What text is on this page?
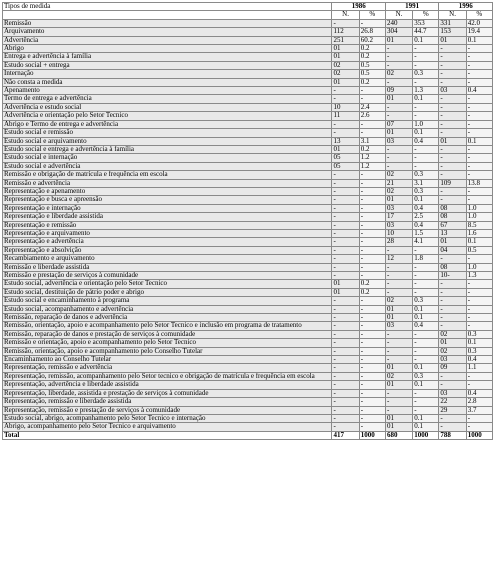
Tipos de medida	1986		1991		1996	
	N.	%	N.	%	N.	%
Remissão	-	-	240	353	331	42.0
Arquivamento	112	26.8	304	44.7	153	19.4
Advertência	251	60.2	01	0.1	01	0.1
Abrigo	01	0.2	-	-	-	-
Entrega e advertência à família	01	0.2	-	-	-	-
Estudo social + entrega	02	0.5	-	-	-	-
Internação	02	0.5	02	0.3	-	-
Não consta a medida	01	0.2	-	-	-	-
Apenamento	-	-	09	1.3	03	0.4
Termo de entrega e advertência	-	-	01	0.1	-	-
Advertência e estudo social	10	2.4	-	-	-	-
Advertência e orientação pelo Setor Tecnico	11	2.6	-	-	-	-
Abrigo e Termo de entrega e advertência	-	-	07	1.0	-	-
Estudo social e remissão	-	-	01	0.1	-	-
Estudo social e arquivamento	13	3.1	03	0.4	01	0.1
Estudo social e entrega e advertência à família	01	0.2	-	-	-	-
Estudo social e internação	05	1.2	-	-	-	-
Estudo social e advertência	05	1.2	-	-	-	-
Remissão e obrigação de matrícula e frequência em escola	-	-	02	0.3	-	-
Remissão e advertência	-	-	21	3.1	109	13.8
Representação e apenamento	-	-	02	0.3	-	-
Representação e busca e apreensão	-	-	01	0.1	-	-
Representação e internação	-	-	03	0.4	08	1.0
Representação e liberdade assistida	-	-	17	2.5	08	1.0
Representação e remissão	-	-	03	0.4	67	8.5
Representação e arquivamento	-	-	10	1.5	13	1.6
Representação e advertência	-	-	28	4.1	01	0.1
Representação e absolvição	-	-	-	-	04	0.5
Recambiamento e arquivamento	-	-	12	1.8	-	-
Remissão e liberdade assistida	-	-	-	-	08	1.0
Remissão e prestação de serviços à comunidade	-	-	-	-	10-	1.3
Estudo social, advertência e orientação pelo Setor Tecnico	01	0.2	-	-	-	-
Estudo social, destituição de pátrio poder e abrigo	01	0.2	-	-	-	-
Estudo social e encaminhamento à programa	-	-	02	0.3	-	-
Estudo social, acompanhamento e advertência	-	-	01	0.1	-	-
Remissão, reparação de danos e advertência	-	-	01	0.1	-	-
Remissão, orientação, apoio e acompanhamento pelo Setor Tecnico e inclusão em programa de tratamento	-	-	03	0.4	-	-
Remissão, reparação de danos e prestação de serviços à comunidade	-	-	-	-	02	0.3
Remissão e orientação, apoio e acompanhamento pelo Setor Tecnico	-	-	-	-	01	0.1
Remissão, orientação, apoio e acompanhamento pelo Conselho Tutelar	-	-	-	-	02	0.3
Encaminhamento ao Conselho Tutelar	-	-	-	-	03	0.4
Representação, remissão e advertência	-	-	01	0.1	09	1.1
Representação, remissão, acompanhamento pelo Setor tecnico e obrigação de matrícula e frequência em escola	-	-	02	0.3	-	-
Representação, advertência e liberdade assistida	-	-	01	0.1	-	-
Representação, liberdade, assistida e prestação de serviços à comunidade	-	-	-	-	03	0.4
Representação, remissão e liberdade assistida	-	-	-	-	22	2.8
Representação, remissão e prestação de serviços à comunidade	-	-	-	-	29	3.7
Estudo social, abrigo, acompanhamento pelo Setor Tecnico e internação	-	-	01	0.1	-	-
Abrigo, acompanhamento pelo Setor Tecnico e arquivamento	-	-	01	0.1	-	-
Total	417	1000	680	1000	788	1000
